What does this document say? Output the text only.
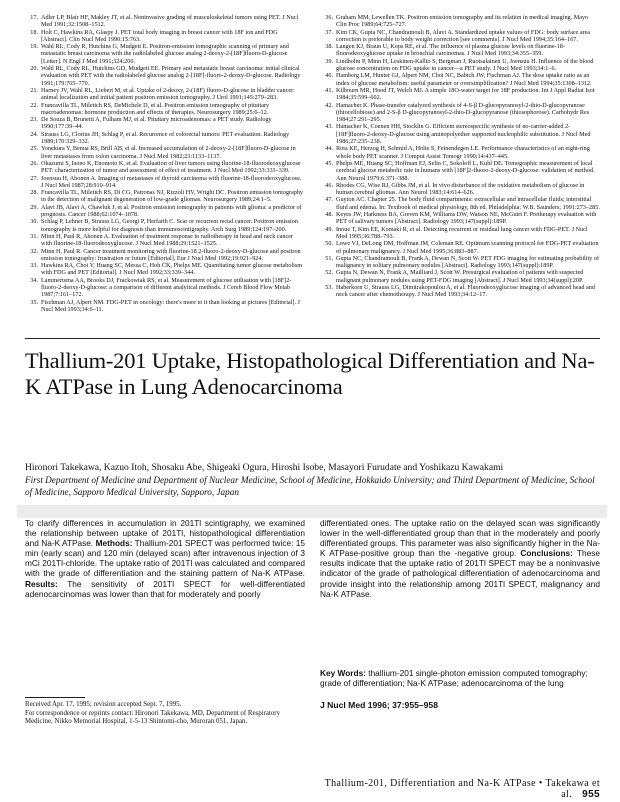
17. Adler LP, Blair HF, Makley JT, et al. Noninvasive grading of musculoskeletal tumors using PET. J Nucl Med 1991;32:1508–1512.
18. Holt C, Hawkins RA, Glaspy J. PET total body imaging in breast cancer with 18F ion and FDG [Abstract]. Clin Nucl Med 1990;15:763.
19. Wahl RL, Cody R, Hutchins G, Mudgett E. Positron-emission tomographic scanning of primary and metastatic breast carcinoma with the radiolabeled glucose analog 2-deoxy-2-[18F]fluoro-D-glucose [Letter]. N Engl J Med 1991;324:200.
20. Wahl RL, Cody RL, Hutchins GD, Mudgett EE. Primary and metastatic breast carcinoma: initial clinical evaluation with PET with the radiolabeled glucose analog 2-[18F]-fluoro-2-deoxy-D-glucose. Radiology 1991;179:765–770.
21. Harney JV, Wahl RL, Liebert M, et al. Uptake of 2-deoxy, 2-(18F) fluoro-D-glucose in bladder cancer: animal localization and initial patient positron emission tomography. J Urol 1991;145:279–283.
22. Francavilla TL, Miletich RS, DeMichele D, et al. Positron emission tomography of pituitary macroadenomas: hormone production and effects of therapies. Neurosurgery 1989;25:6–12.
23. De Souza B, Brunetti A, Fulham MJ, et al. Pituitary microadenomas: a PET study. Radiology 1990;177:39–44.
24. Strauss LG, Clorius JH, Schlag P, et al. Recurrence of colorectal tumors: PET evaluation. Radiology 1989;170:329–332.
25. Yonekura Y, Benua RS, Brill AB, et al. Increased accumulation of 2-deoxy-2-[18F]fluoro-D-glucose in liver metastases from colon carcinoma. J Nucl Med 1982;23:1133–1137.
26. Okazumi S, Isono K, Enomoto K, et al. Evaluation of liver tumors using fluorine-18-fluorodeoxyglucose PET: characterization of tumor and assessment of effect of treatment. J Nucl Med 1992;33:333–339.
27. Joensuu H, Ahonen A. Imaging of metastases of thyroid carcinoma with fluorine-18-fluorodeoxyglucose. J Nucl Med 1987;28:910–914.
28. Francavilla TL, Miletich RS, Di CG, Patronas NJ, Rizzoli HV, Wright DC. Positron emission tomography in the detection of malignant degeneration of low-grade gliomas. Neurosurgery 1989;24:1–5.
29. Alavi JB, Alavi A, Chawluk J, et al. Positron emission tomography in patients with glioma: a predictor of prognosis. Cancer 1988;62:1074–1078.
30. Schlag P, Lehner B, Strauss LG, Georgi P, Herfarth C. Scar or recurrent rectal cancer. Positron emission tomography is more helpful for diagnosis than immunoscintigraphy. Arch Surg 1989;124:197–200.
31. Minn H, Paul R, Ahonen A. Evaluation of treatment response to radiotherapy in head and neck cancer with fluorine-18-fluorodeoxyglucose. J Nucl Med 1988;29:1521–1525.
32. Minn H, Paul R. Cancer treatment monitoring with fluorine-18 2-fluoro-2-deoxy-D-glucose and positron emission tomography: frustration or future [Editorial]. Eur J Nucl Med 1992;19:921–924.
33. Hawkins RA, Choi Y, Huang SC, Messa C, Hoh CK, Phelps ME. Quantitating tumor glucose metabolism with FDG and PET [Editorial]. J Nucl Med 1992;33:339–344.
34. Lammertsma AA, Brooks DJ, Frackowiak RS, et al. Measurement of glucose utilisation with [18F]2-fluoro-2-deoxy-D-glucose: a comparison of different analytical methods. J Cereb Blood Flow Metab 1987;7:161–172.
35. Fischman AJ, Alpert NM. FDG-PET in oncology: there's more to it than looking at pictures [Editorial]. J Nucl Med 1993;34:6–11.
36. Graham MM, Lewellen TK. Positron emission tomography and its relation in medical imaging. Mayo Clin Proc 1989;64:725–727.
37. Kim CK, Gupta NC, Chandramouli B, Alavi A. Standardized uptake values of FDG: body surface area correction is preferable to body weight correction [see comments]. J Nucl Med 1994;35:164–167.
38. Langen KJ, Braun U, Kops RE, et al. The influence of plasma glucose levels on fluorine-18-fluorodeoxyglucose uptake in bronchial carcinomas. J Nucl Med 1993;34:355–359.
39. Lindholm P, Minn H, Leskinen-Kallio S, Bergman J, Ruotsalainen U, Joensuu H. Influence of the blood glucose concentration on FDG uptake in cancer—a PET study. J Nucl Med 1993;34:1–6.
40. Hamberg LM, Hunter GJ, Alpert NM, Choi NC, Babich JW, Fischman AJ. The dose uptake ratio as an index of glucose metabolism: useful parameter or oversimplification? J Nucl Med 1994;35:1308–1312.
41. Kilbourn MR, Hood JT, Welch MJ. A simple 18O-water target for 18F production. Int J Appl Radiat Isot 1984;35:599–602.
42. Hamacher K. Phase-transfer catalyzed synthesis of 4-S-β D-glucopyranosyl-2-thio-D-glucopyranose (thiocellobiose) and 2-S-β D-glucopyranosyl-2-thio-D-glucopyranose (thiosophorose). Carbohydr Res 1984;27:291–295.
43. Hamacher K, Coenen HH, Stocklin G. Efficient stereospecific synthesis of no-carrier-added 2-[18F]fluoro-2-deoxy-D-glucose using aminopolyether supported nucleophilic substitution. J Nucl Med 1986;27:235–238.
44. Rota KE, Herzog H, Schmid A, Holte S, Feinendegen LE. Performance characteristics of an eight-ring whole body PET scanner. J Comput Assist Tomogr 1990;14:437–445.
45. Phelps ME, Huang SC, Hoffman EJ, Selin C, Sokoloff L, Kuhl DE. Tomographic measurement of local cerebral glucose metabolic rate in humans with [18F]2-fluoro-2-deoxy-D-glucose: validation of method. Ann Neurol 1979;6:371–388.
46. Rhodes CG, Wise RJ, Gibbs JM, et al. In vivo disturbance of the oxidative metabolism of glucose in human cerebral gliomas. Ann Neurol 1983;14:614–626.
47. Guyton AC. Chapter 25. The body fluid compartments: extracellular and intracellular fluids; interstitial fluid and edema. In: Textbook of medical physiology, 8th ed. Philadelphia: W.B. Saunders; 1991:273–285.
48. Keyes JW, Harkness BA, Greven KM, Williams DW, Watson NE, McGuirt F. Pretherapy evaluation with PET of salivary tumors [Abstract]. Radiology 1993;147(suppl):189P.
49. Inoue T, Kim EE, Komaki R, et al. Detecting recurrent or residual lung cancer with FDG-PET. J Nucl Med 1995;36:788–793.
50. Lowe VJ, DeLong DM, Hoffman JM, Coleman RE. Optimum scanning protocol for FDG-PET evaluation of pulmonary malignancy. J Nucl Med 1995;36:883–887.
51. Gupta NC, Chandramouli B, Frank A, Dewan N, Scott W. PET FDG imaging for estimating probability of malignancy in solitary pulmonary nodules [Abstract]. Radiology 1993;147(suppl):189P.
52. Gupta N, Dewan N, Frank A, Mailliard J, Scott W. Presurgical evaluation of patients with suspected malignant pulmonary nodules using PET-FDG imaging [Abstract]. J Nucl Med 1993;34(suppl):20P.
53. Haberkorn U, Strauss LG, Dimitrakopoulou A, et al. Fluorodeoxyglucose imaging of advanced head and neck cancer after chemotherapy. J Nucl Med 1993;34:12–17.
Thallium-201 Uptake, Histopathological Differentiation and Na-K ATPase in Lung Adenocarcinoma
Hironori Takekawa, Kazuo Itoh, Shosaku Abe, Shigeaki Ogura, Hiroshi Isobe, Masayori Furudate and Yoshikazu Kawakami
First Department of Medicine and Department of Nuclear Medicine, School of Medicine, Hokkaido University; and Third Department of Medicine, School of Medicine, Sapporo Medical University, Sapporo, Japan
To clarify differences in accumulation in 201Tl scintigraphy, we examined the relationship between uptake of 201Tl, histopathological differentiation and Na-K ATPase. Methods: Thallium-201 SPECT was performed twice: 15 min (early scan) and 120 min (delayed scan) after intravenous injection of 3 mCi 201Tl-chloride. The uptake ratio of 201Tl was calculated and compared with the grade of differentiation and the staining pattern of Na-K ATPase. Results: The sensitivity of 201Tl SPECT for well-differentiated adenocarcinomas was lower than that for moderately and poorly
differentiated ones. The uptake ratio on the delayed scan was significantly lower in the well-differentiated group than that in the moderately and poorly differentiated groups. This parameter was also significantly higher in the Na-K ATPase-positive group than the -negative group. Conclusions: These results indicate that the uptake ratio of 201Tl SPECT may be a noninvasive indicator of the grade of pathological differentiation of adenocarcinoma and provide insight into the relationship among 201Tl SPECT, malignancy and Na-K ATPase.
Key Words: thallium-201 single-photon emission computed tomography; grade of differentiation; Na-K ATPase; adenocarcinoma of the lung
J Nucl Med 1996; 37:955–958
Received Apr. 17, 1995; revision accepted Sept. 7, 1995.
For correspondence or reprints contact: Hironori Takekawa, MD, Department of Respiratory Medicine, Nikko Memorial Hospital, 1-5-13 Shintomi-cho, Muroran 051, Japan.
Thallium-201, Differentiation and Na-K ATPase • Takekawa et al. 955
